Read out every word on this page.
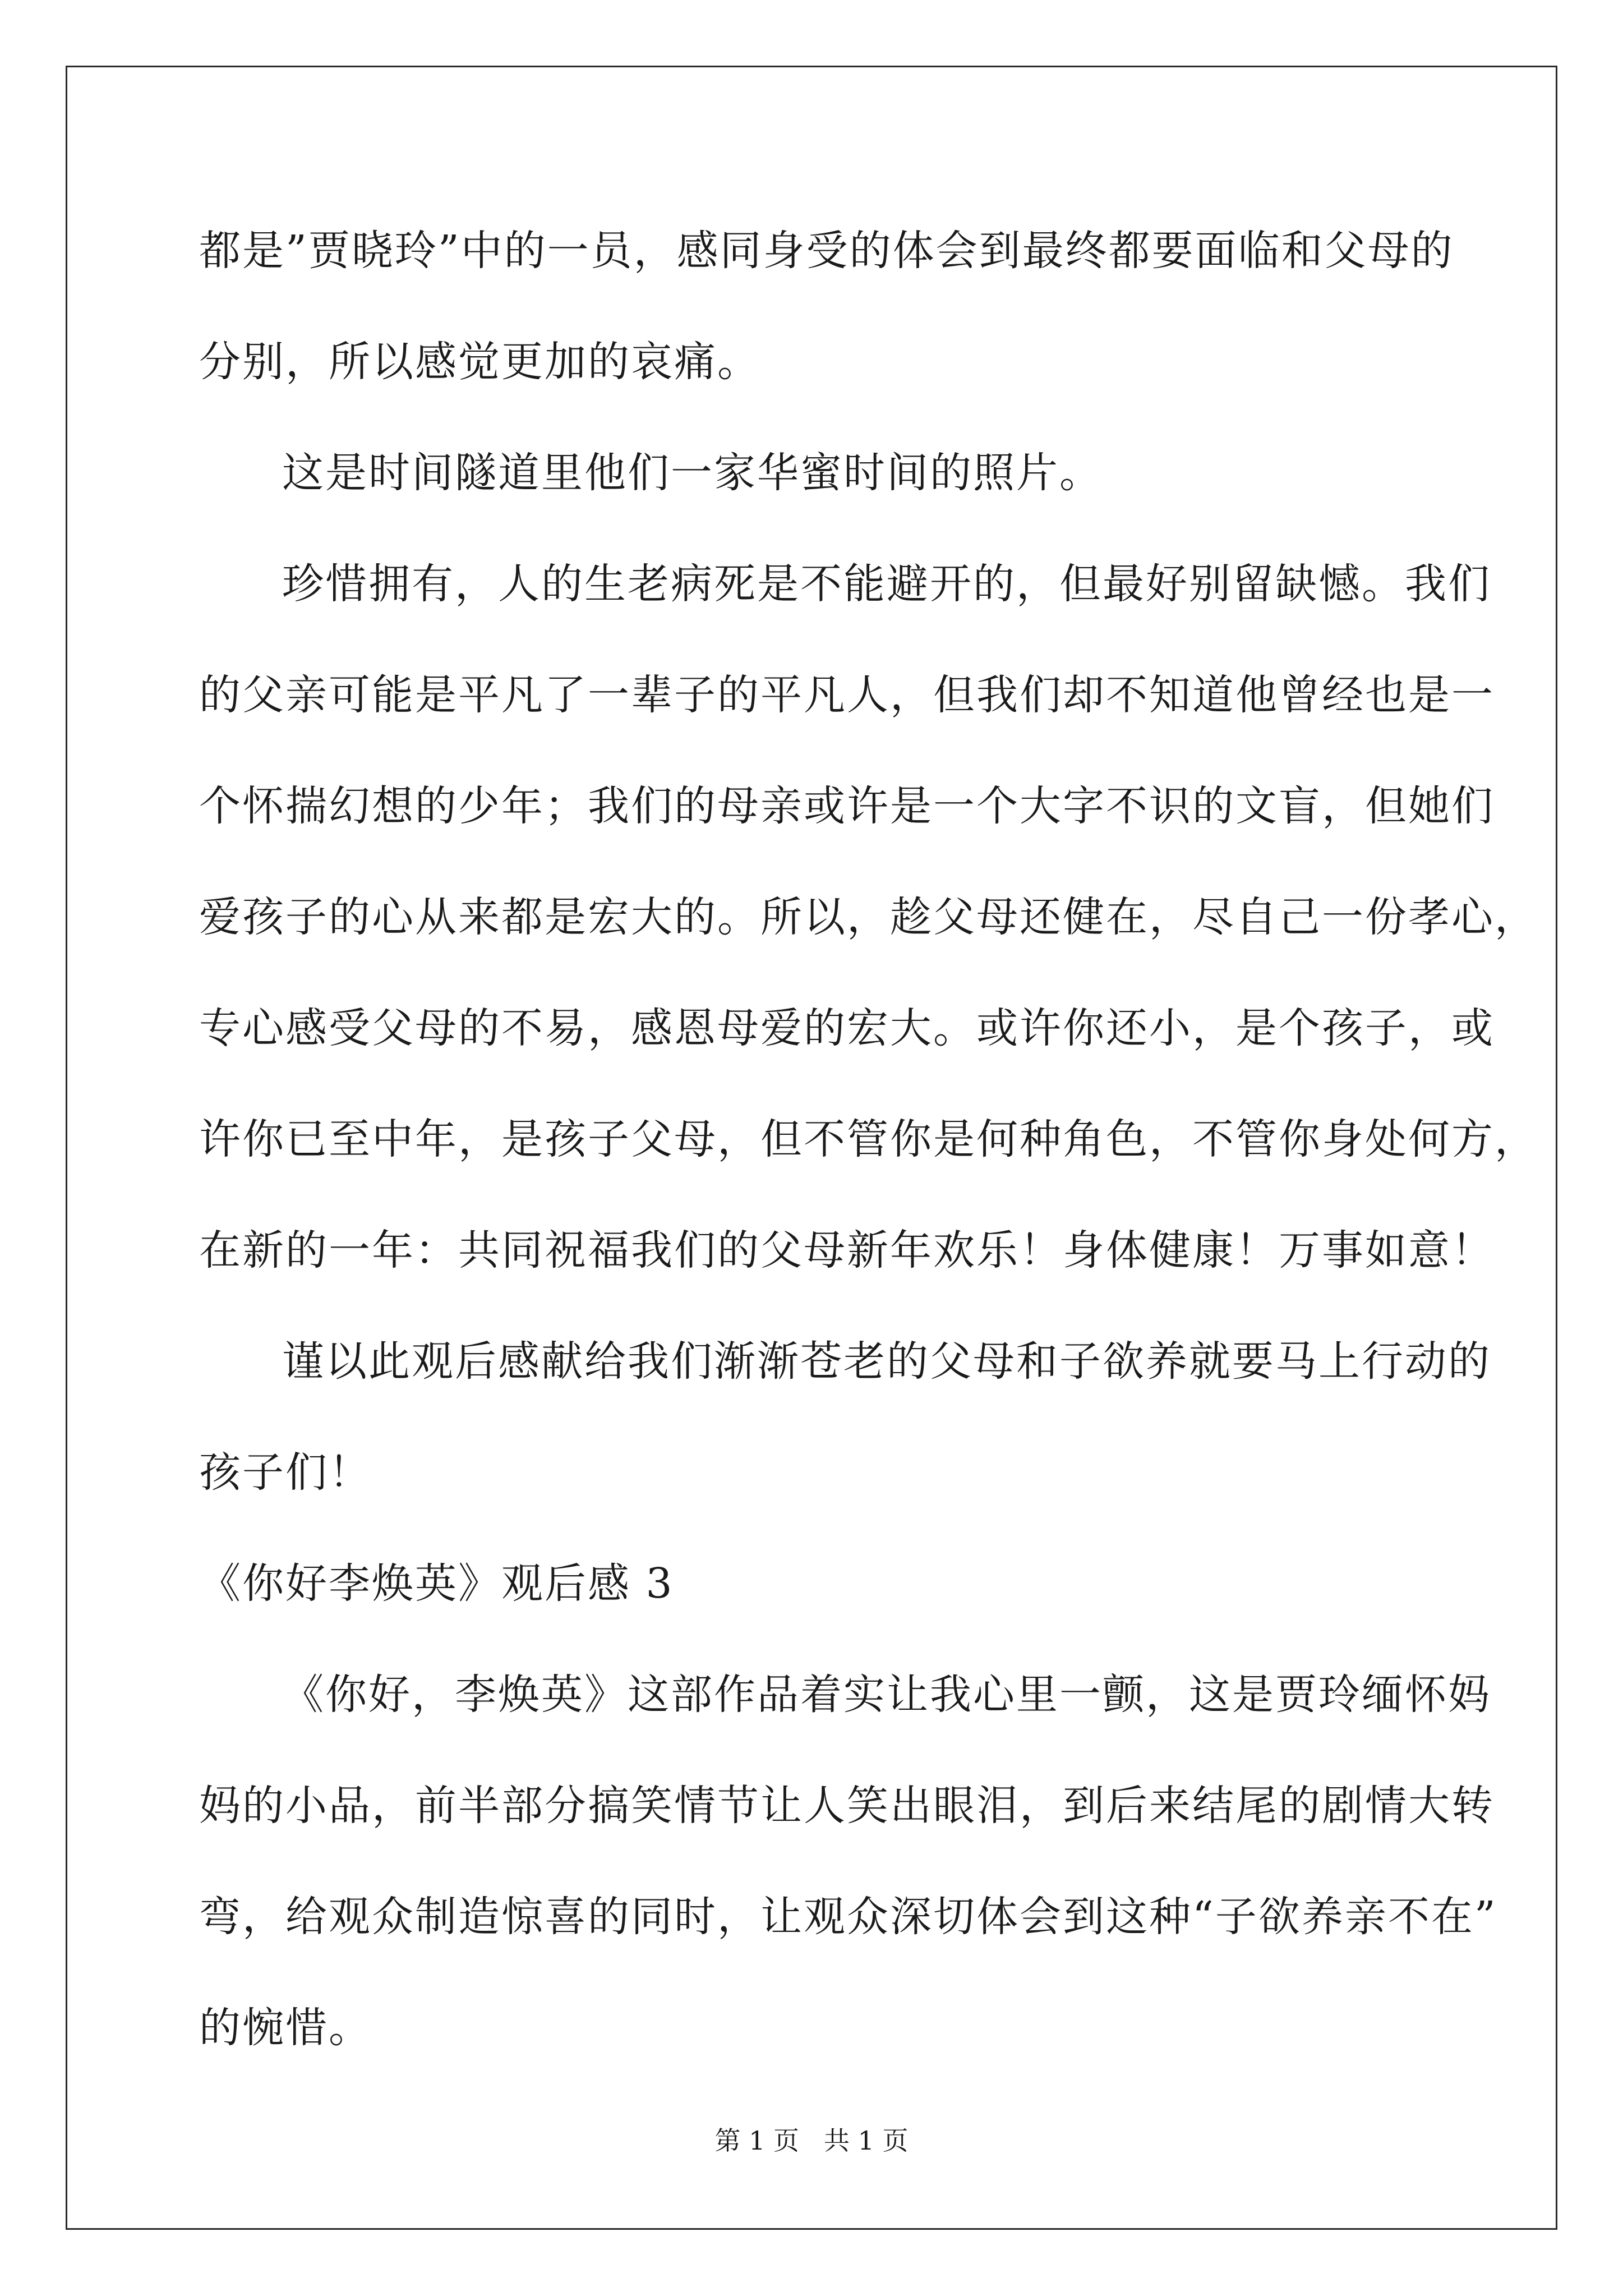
都是”贾晓玲”中的一员，感同身受的体会到最终都要面临和父母的
分别，所以感觉更加的哀痛。
这是时间隧道里他们一家华蜜时间的照片。
珍惜拥有，人的生老病死是不能避开的，但最好别留缺憾。我们
的父亲可能是平凡了一辈子的平凡人，但我们却不知道他曾经也是一
个怀揣幻想的少年；我们的母亲或许是一个大字不识的文盲，但她们
爱孩子的心从来都是宏大的。所以，趁父母还健在，尽自己一份孝心，
专心感受父母的不易，感恩母爱的宏大。或许你还小，是个孩子，或
许你已至中年，是孩子父母，但不管你是何种角色，不管你身处何方，
在新的一年：共同祝福我们的父母新年欢乐！身体健康！万事如意！
谨以此观后感献给我们渐渐苍老的父母和子欲养就要马上行动的
孩子们！
《你好李焕英》观后感 3
《你好，李焕英》这部作品着实让我心里一颤，这是贾玲缅怀妈
妈的小品，前半部分搞笑情节让人笑出眼泪，到后来结尾的剧情大转
弯，给观众制造惊喜的同时，让观众深切体会到这种“子欲养亲不在”
的惋惜。
第 1 页 共 1 页
